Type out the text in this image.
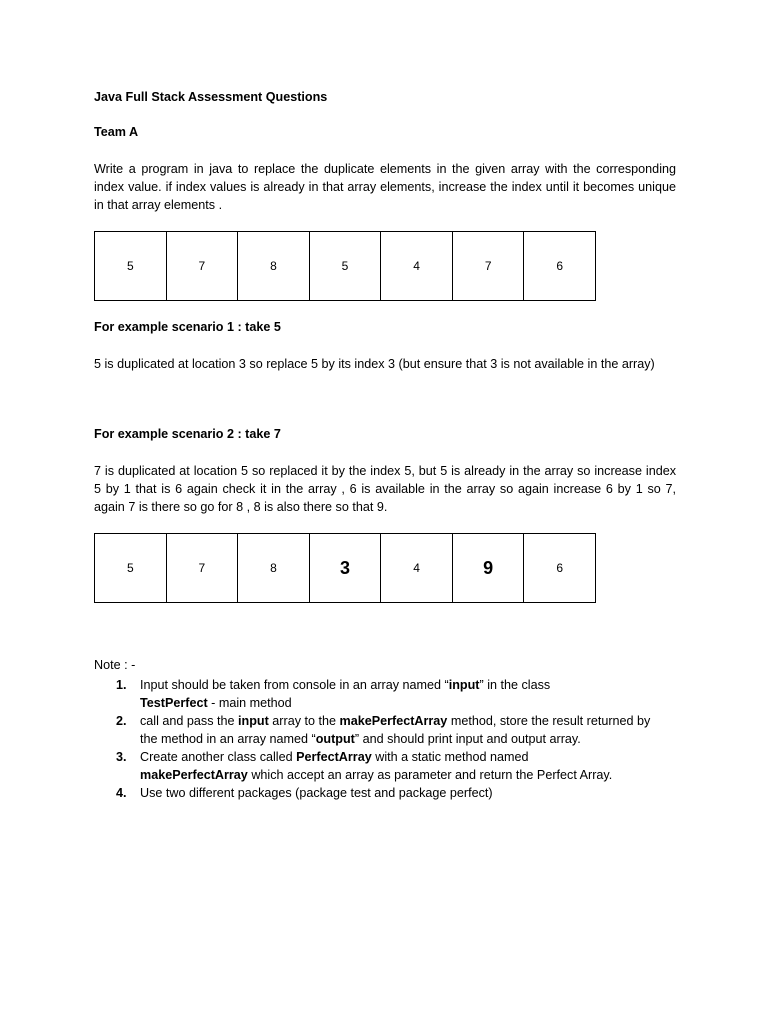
Java Full Stack Assessment Questions

Team A

Write a program in java to replace the duplicate elements in the given array with the corresponding index value. if index values is already in that array elements, increase the index until it becomes unique in that array elements .

5	7	8	5	4	7	6

For example scenario 1 : take 5

5 is duplicated at location 3 so replace 5 by its index 3 (but ensure that 3 is not available in the array)

For example scenario 2 : take 7

7 is duplicated at location 5 so replaced it by the index 5, but 5 is already in the array so increase index 5 by 1 that is 6 again check it in the array , 6 is available in the array so again increase 6 by 1 so 7, again 7 is there so go for 8 , 8 is also there so that 9.

5	7	8	3	4	9	6

Note : -

1. Input should be taken from console in an array named “input” in the class
TestPerfect - main method
2. call and pass the input array to the makePerfectArray method, store the result returned by the method in an array named “output” and should print input and output array.
3. Create another class called PerfectArray with a static method named
makePerfectArray which accept an array as parameter and return the Perfect Array.
4. Use two different packages (package test and package perfect)
